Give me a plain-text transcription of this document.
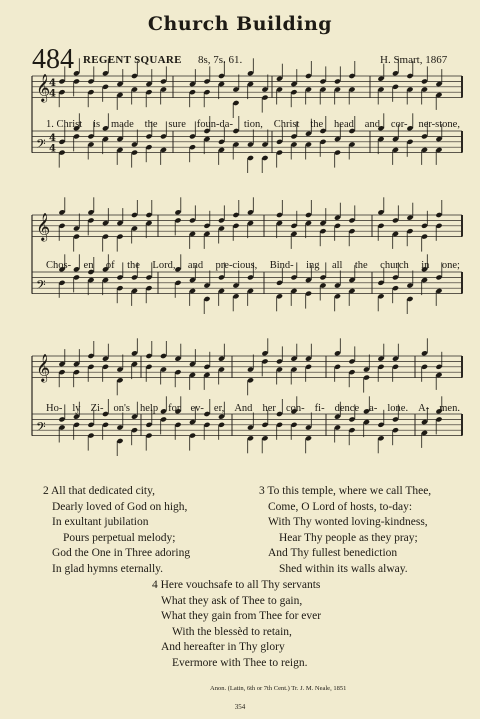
Church Building
484 REGENT SQUARE 8s, 7s. 61.	H. Smart, 1867
𝄞
4
4
𝄢 4
4
𝄞
𝄢
𝄞
𝄢
1. Christ is made the sure foun-da- tion, Christ the head and cor- ner-stone,
Chos- en of the Lord, and pre-cious, Bind- ing all the church in one;
Ho- ly Zi- on's help for ev- er, And her con- fi- dence a- lone. A- men.
2 All that dedicated city,
Dearly loved of God on high,
In exultant jubilation
Pours perpetual melody;
God the One in Three adoring
In glad hymns eternally.
3 To this temple, where we call Thee,
Come, O Lord of hosts, to-day:
With Thy wonted loving-kindness,
Hear Thy people as they pray;
And Thy fullest benediction
Shed within its walls alway.
4 Here vouchsafe to all Thy servants
What they ask of Thee to gain,
What they gain from Thee for ever
With the blessèd to retain,
And hereafter in Thy glory
Evermore with Thee to reign.
Anon. (Latin, 6th or 7th Cent.) Tr. J. M. Neale, 1851
354
